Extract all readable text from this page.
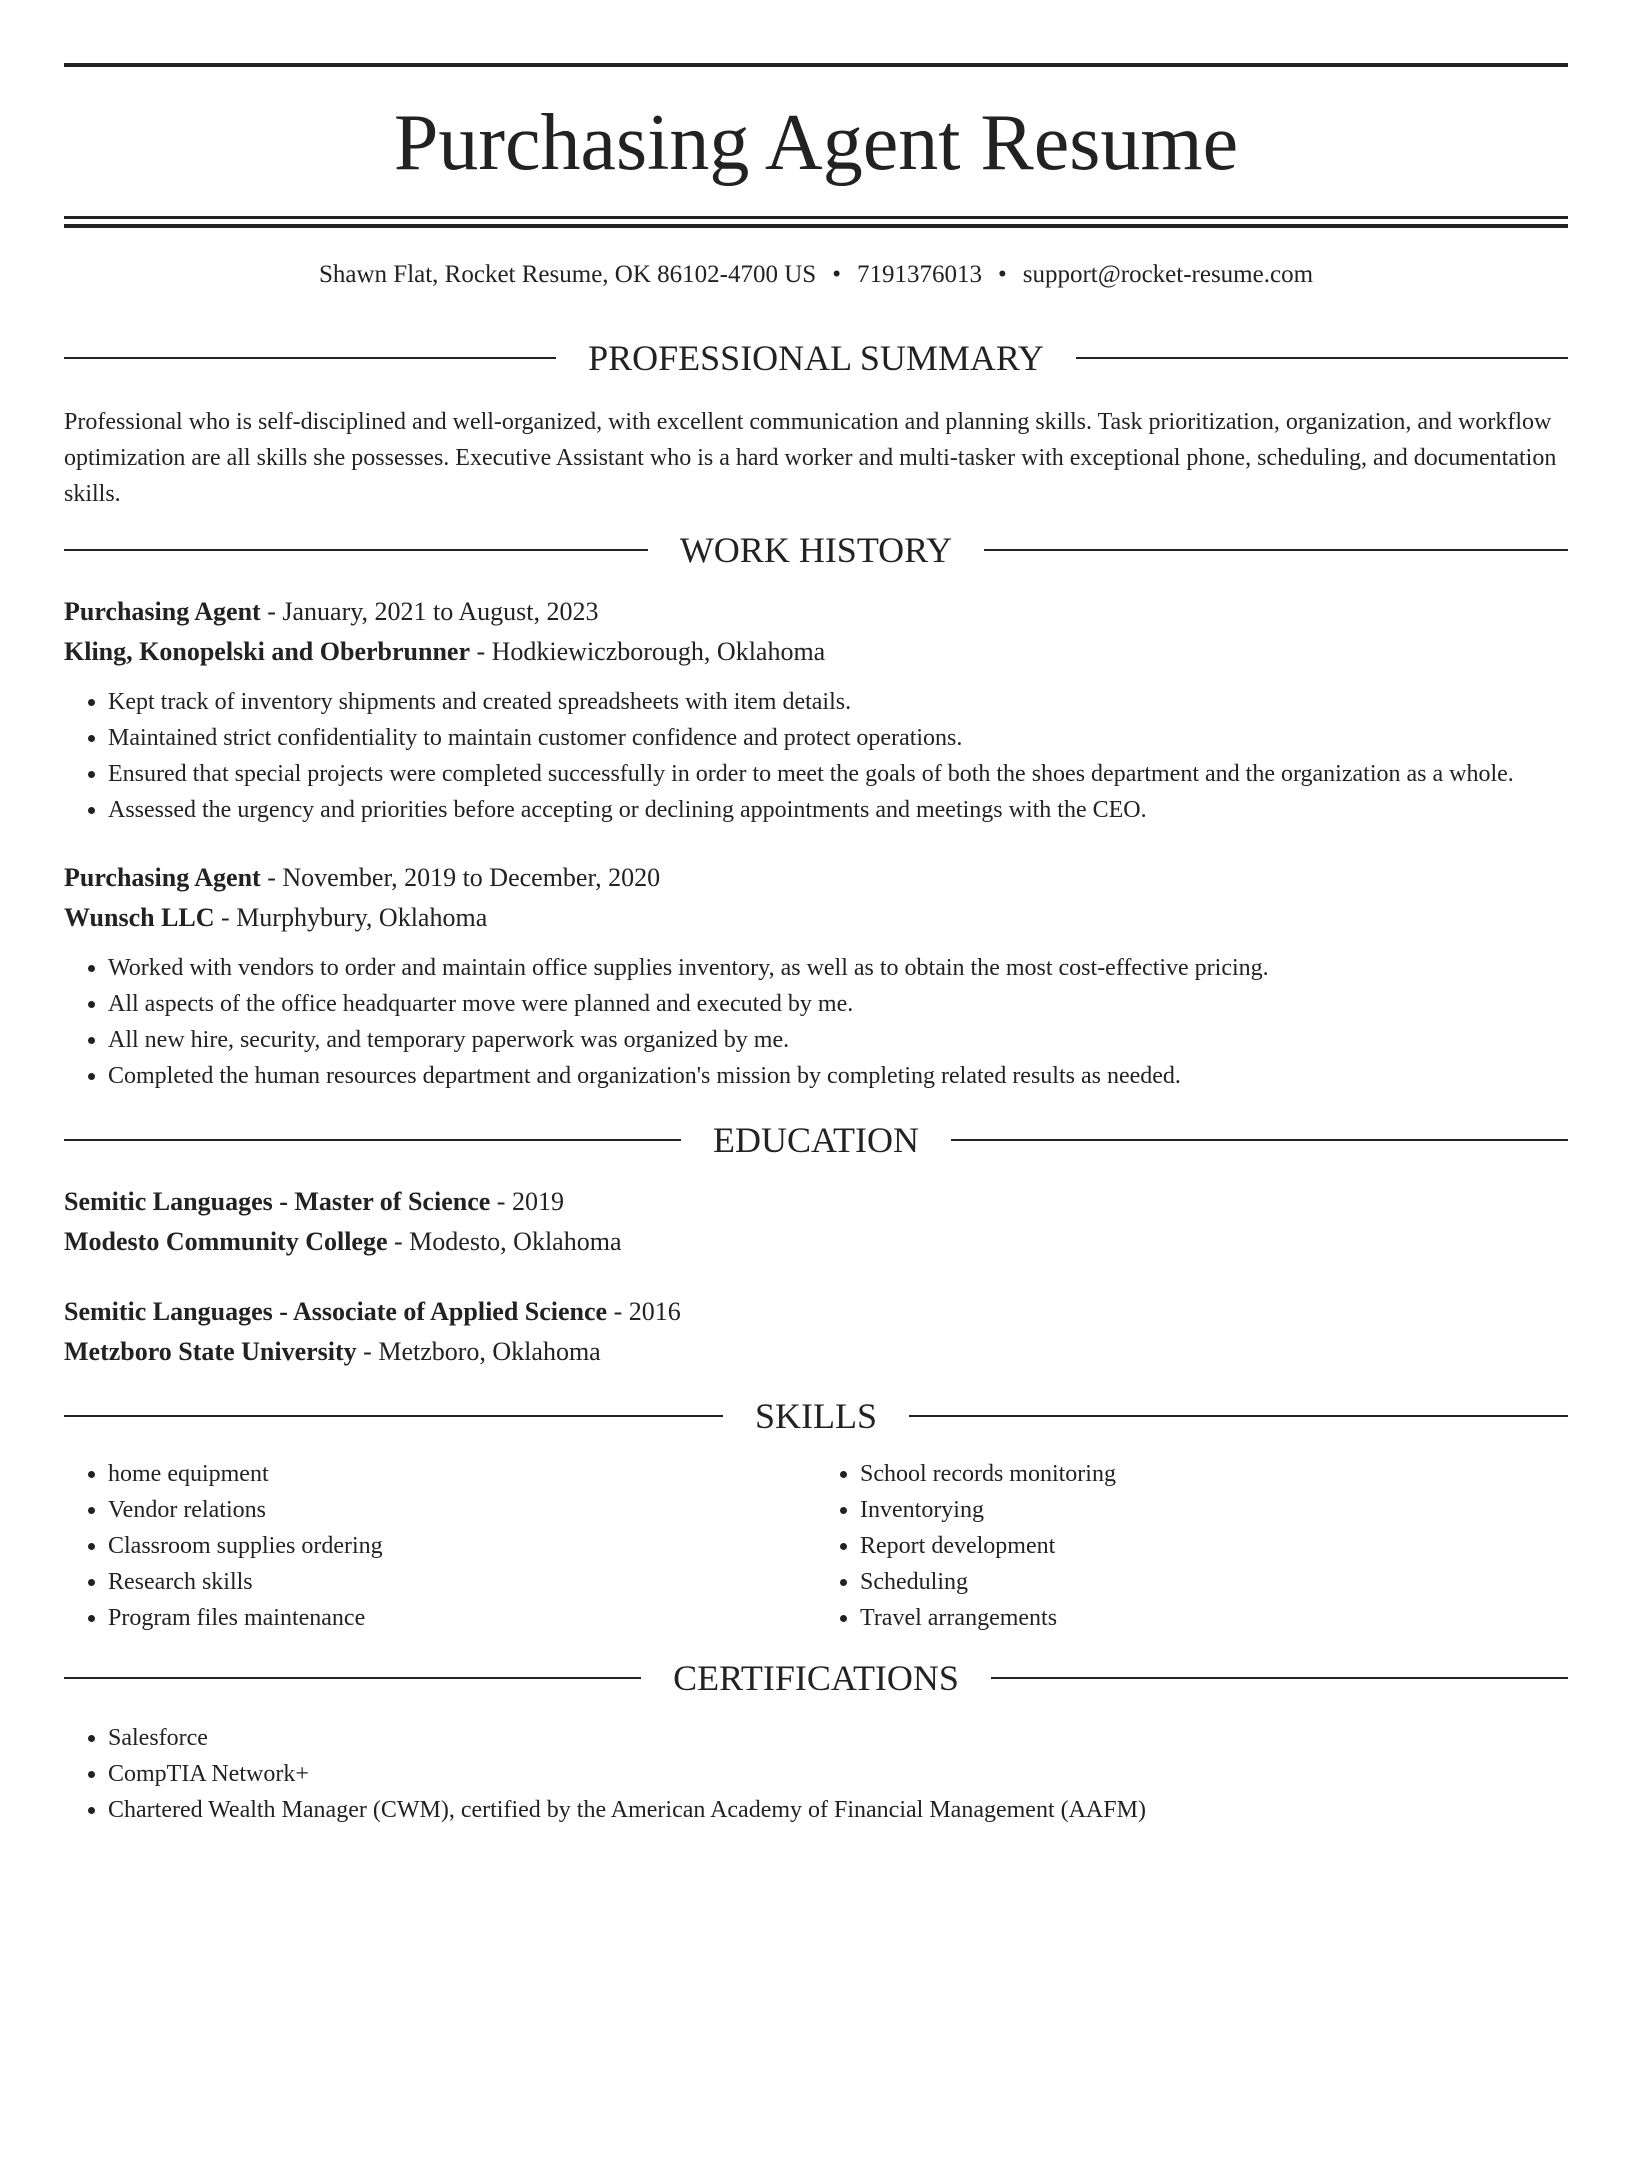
Purchasing Agent Resume
Shawn Flat, Rocket Resume, OK 86102-4700 US • 7191376013 • support@rocket-resume.com
PROFESSIONAL SUMMARY

Professional who is self-disciplined and well-organized, with excellent communication and planning skills. Task prioritization, organization, and workflow optimization are all skills she possesses. Executive Assistant who is a hard worker and multi-tasker with exceptional phone, scheduling, and documentation skills.

WORK HISTORY
Purchasing Agent - January, 2021 to August, 2023
Kling, Konopelski and Oberbrunner - Hodkiewiczborough, Oklahoma
• Kept track of inventory shipments and created spreadsheets with item details.
• Maintained strict confidentiality to maintain customer confidence and protect operations.
• Ensured that special projects were completed successfully in order to meet the goals of both the shoes department and the organization as a whole.
• Assessed the urgency and priorities before accepting or declining appointments and meetings with the CEO.
Purchasing Agent - November, 2019 to December, 2020
Wunsch LLC - Murphybury, Oklahoma
• Worked with vendors to order and maintain office supplies inventory, as well as to obtain the most cost-effective pricing.
• All aspects of the office headquarter move were planned and executed by me.
• All new hire, security, and temporary paperwork was organized by me.
• Completed the human resources department and organization's mission by completing related results as needed.
EDUCATION
Semitic Languages - Master of Science - 2019
Modesto Community College - Modesto, Oklahoma
Semitic Languages - Associate of Applied Science - 2016
Metzboro State University - Metzboro, Oklahoma
SKILLS
• home equipment
• Vendor relations
• Classroom supplies ordering
• Research skills
• Program files maintenance
• School records monitoring
• Inventorying
• Report development
• Scheduling
• Travel arrangements
CERTIFICATIONS
• Salesforce
• CompTIA Network+
• Chartered Wealth Manager (CWM), certified by the American Academy of Financial Management (AAFM)
